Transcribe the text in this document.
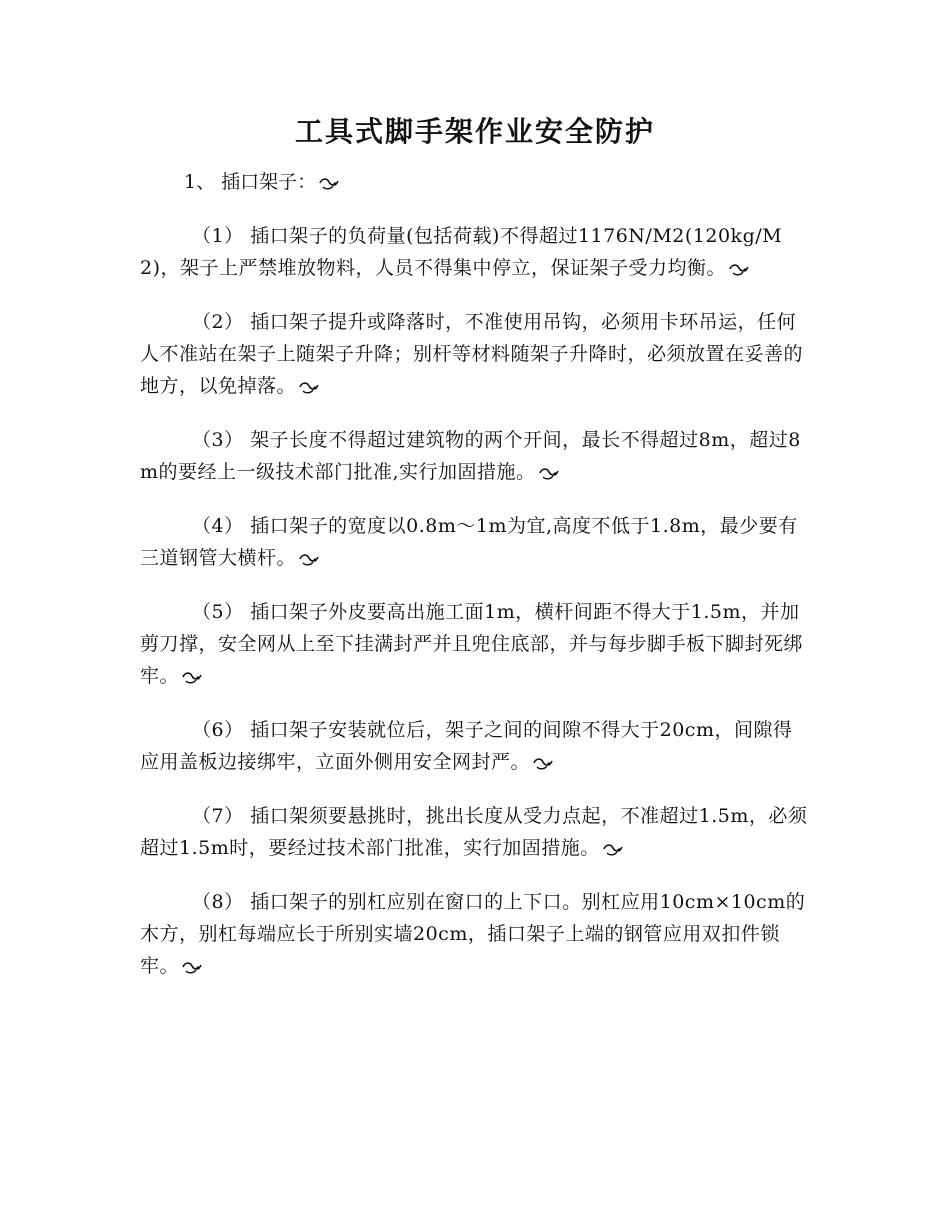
工具式脚手架作业安全防护

1、 插口架子：

（1） 插口架子的负荷量(包括荷载)不得超过1176N/M2(120kg/M2)，架子上严禁堆放物料，人员不得集中停立，保证架子受力均衡。

（2） 插口架子提升或降落时，不准使用吊钩，必须用卡环吊运，任何人不准站在架子上随架子升降；别杆等材料随架子升降时，必须放置在妥善的地方，以免掉落。

（3） 架子长度不得超过建筑物的两个开间，最长不得超过8m，超过8m的要经上一级技术部门批准,实行加固措施。

（4） 插口架子的宽度以0.8m～1m为宜,高度不低于1.8m，最少要有三道钢管大横杆。

（5） 插口架子外皮要高出施工面1m，横杆间距不得大于1.5m，并加剪刀撑，安全网从上至下挂满封严并且兜住底部，并与每步脚手板下脚封死绑牢。

（6） 插口架子安装就位后，架子之间的间隙不得大于20cm，间隙得应用盖板边接绑牢，立面外侧用安全网封严。

（7） 插口架须要悬挑时，挑出长度从受力点起，不准超过1.5m，必须超过1.5m时，要经过技术部门批准，实行加固措施。

（8） 插口架子的别杠应别在窗口的上下口。别杠应用10cm×10cm的木方，别杠每端应长于所别实墙20cm，插口架子上端的钢管应用双扣件锁牢。
